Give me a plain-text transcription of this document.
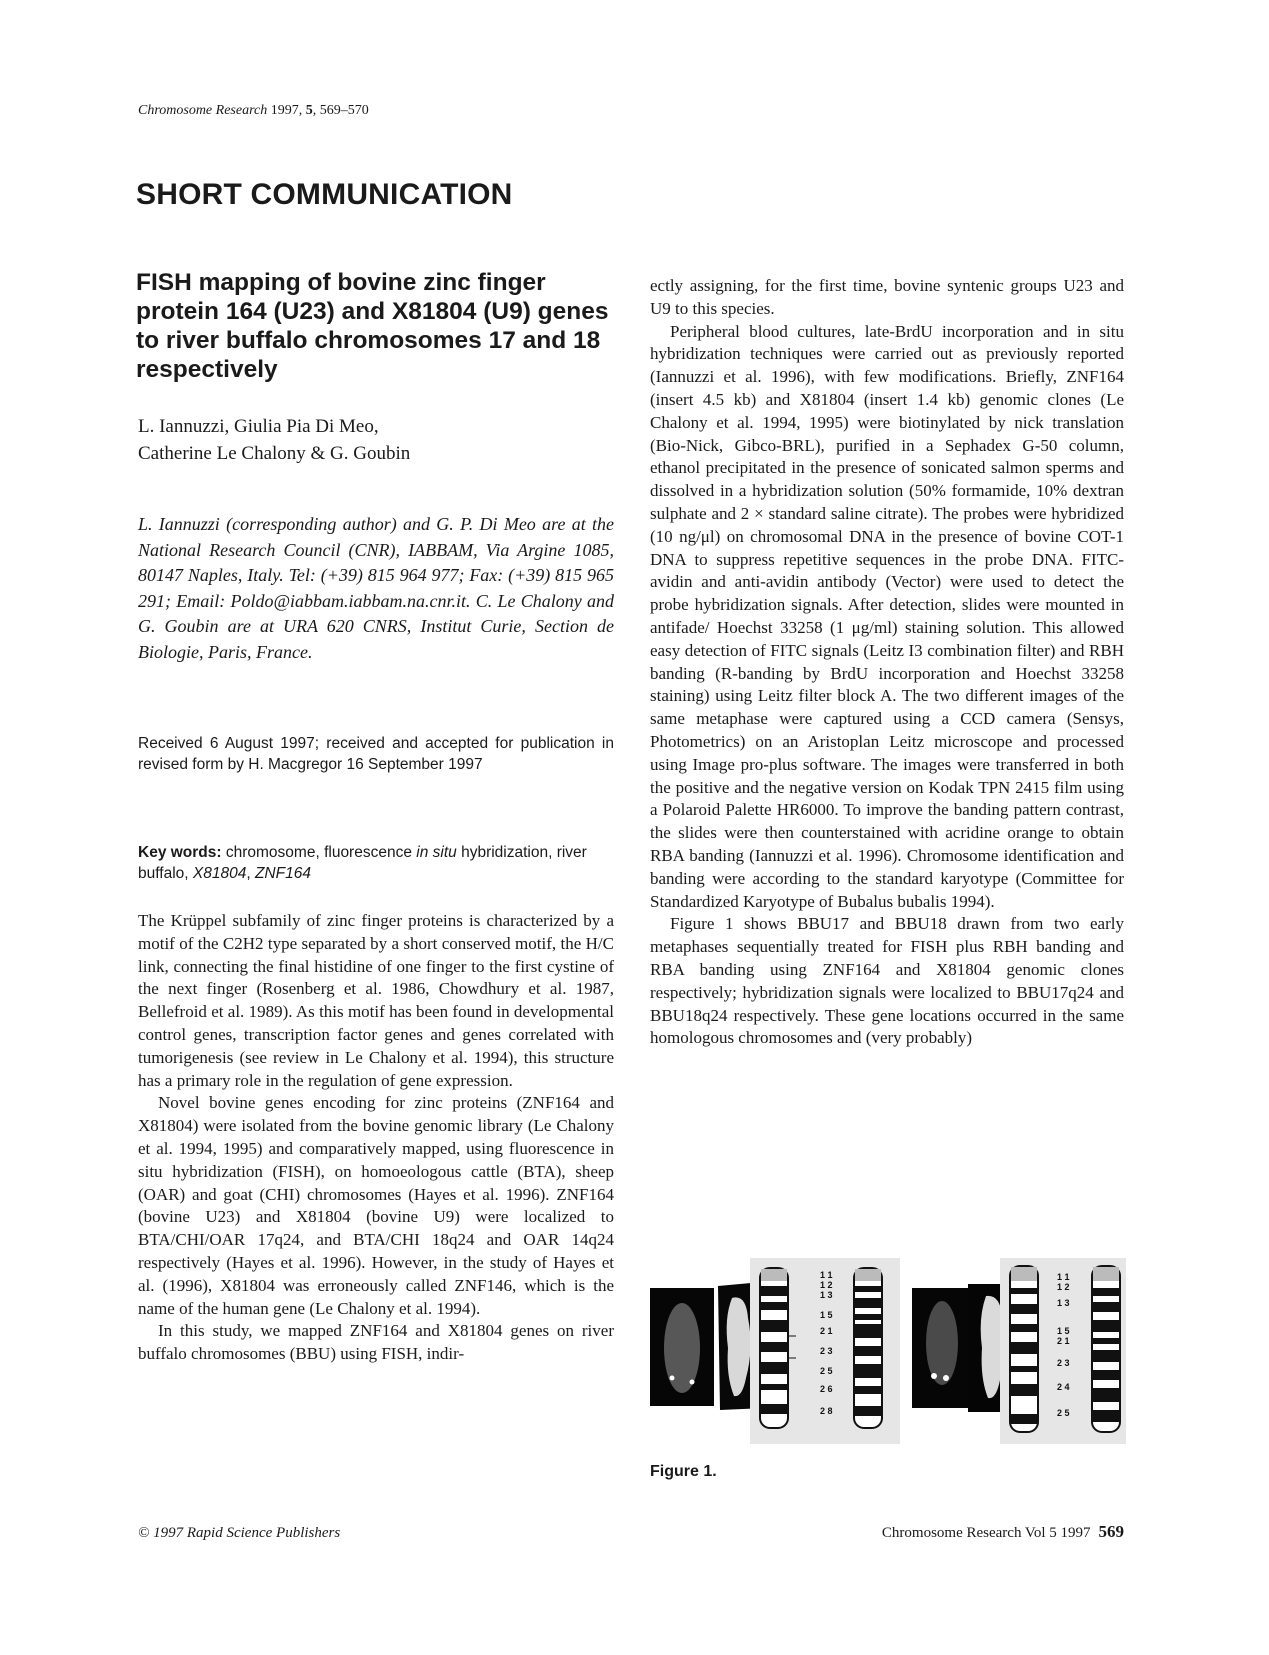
Chromosome Research 1997, 5, 569–570
SHORT COMMUNICATION
FISH mapping of bovine zinc finger protein 164 (U23) and X81804 (U9) genes to river buffalo chromosomes 17 and 18 respectively
L. Iannuzzi, Giulia Pia Di Meo,
Catherine Le Chalony & G. Goubin
L. Iannuzzi (corresponding author) and G. P. Di Meo are at the National Research Council (CNR), IABBAM, Via Argine 1085, 80147 Naples, Italy. Tel: (+39) 815 964 977; Fax: (+39) 815 965 291; Email: Poldo@iabbam.iabbam.na.cnr.it. C. Le Chalony and G. Goubin are at URA 620 CNRS, Institut Curie, Section de Biologie, Paris, France.
Received 6 August 1997; received and accepted for publication in revised form by H. Macgregor 16 September 1997
Key words: chromosome, fluorescence in situ hybridization, river buffalo, X81804, ZNF164

The Krüppel subfamily of zinc finger proteins is characterized by a motif of the C2H2 type separated by a short conserved motif, the H/C link, connecting the final histidine of one finger to the first cystine of the next finger (Rosenberg et al. 1986, Chowdhury et al. 1987, Bellefroid et al. 1989). As this motif has been found in developmental control genes, transcription factor genes and genes correlated with tumorigenesis (see review in Le Chalony et al. 1994), this structure has a primary role in the regulation of gene expression.

Novel bovine genes encoding for zinc proteins (ZNF164 and X81804) were isolated from the bovine genomic library (Le Chalony et al. 1994, 1995) and comparatively mapped, using fluorescence in situ hybridization (FISH), on homoeologous cattle (BTA), sheep (OAR) and goat (CHI) chromosomes (Hayes et al. 1996). ZNF164 (bovine U23) and X81804 (bovine U9) were localized to BTA/CHI/OAR 17q24, and BTA/CHI 18q24 and OAR 14q24 respectively (Hayes et al. 1996). However, in the study of Hayes et al. (1996), X81804 was erroneously called ZNF146, which is the name of the human gene (Le Chalony et al. 1994).

In this study, we mapped ZNF164 and X81804 genes on river buffalo chromosomes (BBU) using FISH, indir-

ectly assigning, for the first time, bovine syntenic groups U23 and U9 to this species.

Peripheral blood cultures, late-BrdU incorporation and in situ hybridization techniques were carried out as previously reported (Iannuzzi et al. 1996), with few modifications. Briefly, ZNF164 (insert 4.5 kb) and X81804 (insert 1.4 kb) genomic clones (Le Chalony et al. 1994, 1995) were biotinylated by nick translation (Bio-Nick, Gibco-BRL), purified in a Sephadex G-50 column, ethanol precipitated in the presence of sonicated salmon sperms and dissolved in a hybridization solution (50% formamide, 10% dextran sulphate and 2 × standard saline citrate). The probes were hybridized (10 ng/μl) on chromosomal DNA in the presence of bovine COT-1 DNA to suppress repetitive sequences in the probe DNA. FITC-avidin and anti-avidin antibody (Vector) were used to detect the probe hybridization signals. After detection, slides were mounted in antifade/ Hoechst 33258 (1 μg/ml) staining solution. This allowed easy detection of FITC signals (Leitz I3 combination filter) and RBH banding (R-banding by BrdU incorporation and Hoechst 33258 staining) using Leitz filter block A. The two different images of the same metaphase were captured using a CCD camera (Sensys, Photometrics) on an Aristoplan Leitz microscope and processed using Image pro-plus software. The images were transferred in both the positive and the negative version on Kodak TPN 2415 film using a Polaroid Palette HR6000. To improve the banding pattern contrast, the slides were then counterstained with acridine orange to obtain RBA banding (Iannuzzi et al. 1996). Chromosome identification and banding were according to the standard karyotype (Committee for Standardized Karyotype of Bubalus bubalis 1994).

Figure 1 shows BBU17 and BBU18 drawn from two early metaphases sequentially treated for FISH plus RBH banding and RBA banding using ZNF164 and X81804 genomic clones respectively; hybridization signals were localized to BBU17q24 and BBU18q24 respectively. These gene locations occurred in the same homologous chromosomes and (very probably)

1 1
1 2
1 3
1 5
2 1
2 3
2 5
2 6
2 8
1 1
1 2
1 3
1 5
2 1
2 3
2 4
2 5
Figure 1.
© 1997 Rapid Science Publishers	Chromosome Research Vol 5 1997 569
